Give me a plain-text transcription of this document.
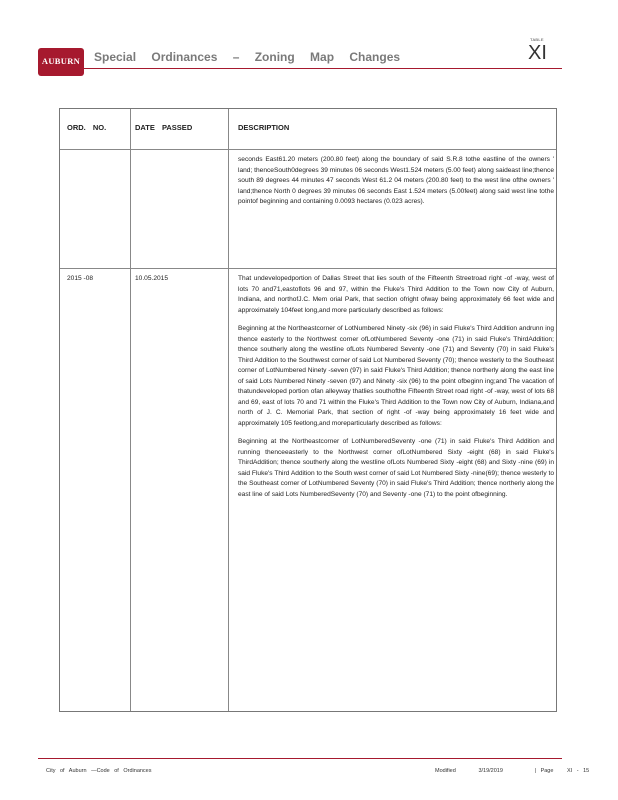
AUBURN	Special Ordinances – Zoning Map Changes
TABLE
XI
ORD. NO.	DATE PASSED	DESCRIPTION

seconds East61.20 meters (200.80 feet) along the boundary of said S.R.8 tothe eastline of the owners ' land; thenceSouth0degrees 39 minutes 06 seconds West1.524 meters (5.00 feet) along saideast line;thence south 89 degrees 44 minutes 47 seconds West 61.2 04 meters (200.80 feet) to the west line ofthe owners ' land;thence North 0 degrees 39 minutes 06 seconds East 1.524 meters (5.00feet) along said west line tothe pointof beginning and containing 0.0093 hectares (0.023 acres).

2015 -08	10.05.2015	That undevelopedportion of Dallas Street that lies south of the Fifteenth Streetroad right -of -way, west of lots 70 and71,eastoflots 96 and 97, within the Fluke's Third Addition to the Town now City of Auburn, Indiana, and northofJ.C. Mem orial Park, that section ofright ofway being approximately 66 feet wide and approximately 104feet long,and more particularly described as follows:

Beginning at the Northeastcorner of LotNumbered Ninety -six (96) in said Fluke's Third Addition andrunn ing thence easterly to the Northwest corner ofLotNumbered Seventy -one (71) in said Fluke's ThirdAddition; thence southerly along the westline ofLots Numbered Seventy -one (71) and Seventy (70) in said Fluke's Third Addition to the Southwest corner of said Lot Numbered Seventy (70); thence westerly to the Southeast corner of LotNumbered Ninety -seven (97) in said Fluke's Third Addition; thence northerly along the east line of said Lots Numbered Ninety -seven (97) and Ninety -six (96) to the point ofbeginn ing;and The vacation of thatundeveloped portion ofan alleyway thatlies southofthe Fifteenth Street road right -of -way, west of lots 68 and 69, east of lots 70 and 71 within the Fluke's Third Addition to the Town now City of Auburn, Indiana,and north of J. C. Memorial Park, that section of right -of -way being approximately 16 feet wide and approximately 105 feetlong,and moreparticularly described as follows:

Beginning at the Northeastcorner of LotNumberedSeventy -one (71) in said Fluke's Third Addition and running thenceeasterly to the Northwest corner ofLotNumbered Sixty -eight (68) in said Fluke's ThirdAddition; thence southerly along the westline ofLots Numbered Sixty -eight (68) and Sixty -nine (69) in said Fluke's Third Addition to the South west corner of said Lot Numbered Sixty -nine(69); thence westerly to the Southeast corner of LotNumbered Seventy (70) in said Fluke's Third Addition; thence northerly along the east line of said Lots NumberedSeventy (70) and Seventy -one (71) to the point ofbeginning.

City of Auburn —Code of Ordinances	Modified	3/19/2019	| Page XI - 15
